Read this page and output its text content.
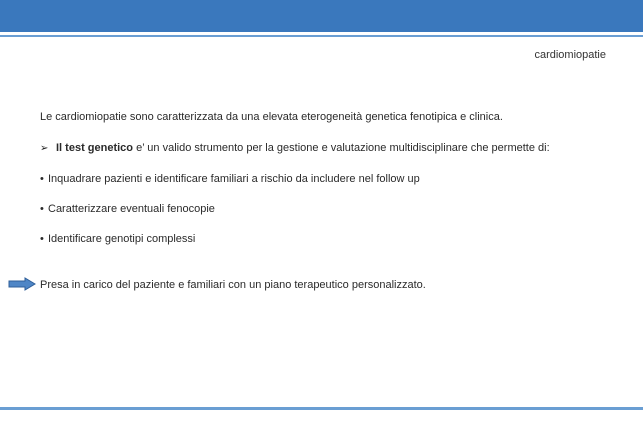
cardiomiopatie
Le cardiomiopatie sono caratterizzata da una elevata eterogeneità genetica fenotipica e clinica.
➢ Il test genetico e’ un valido strumento per la gestione e valutazione multidisciplinare che permette di:
• Inquadrare pazienti e identificare familiari a rischio da includere nel follow up
• Caratterizzare eventuali fenocopie
• Identificare genotipi complessi
Presa in carico del paziente e familiari con un piano terapeutico personalizzato.
